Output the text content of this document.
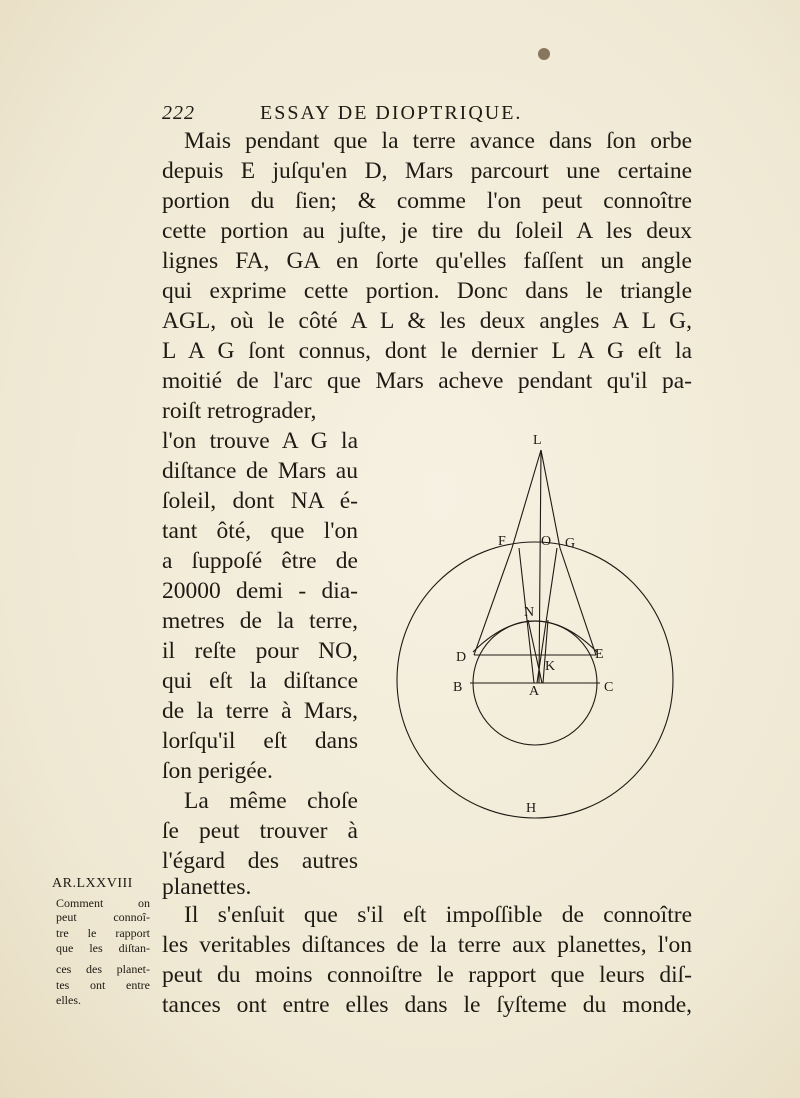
222	ESSAY DE DIOPTRIQUE.
Mais pendant que la terre avance dans ſon orbe
depuis E juſqu'en D, Mars parcourt une certaine
portion du ſien; & comme l'on peut connoître
cette portion au juſte, je tire du ſoleil A les deux
lignes FA, GA en ſorte qu'elles faſſent un angle
qui exprime cette portion. Donc dans le triangle
AGL, où le côté A L & les deux angles A L G,
L A G ſont connus, dont le dernier L A G eſt la
moitié de l'arc que Mars acheve pendant qu'il pa-
roiſt retrograder,
l'on trouve A G la
diſtance de Mars au
ſoleil, dont NA é-
tant ôté, que l'on
a ſuppoſé être de
20000 demi - dia-
metres de la terre,
il reſte pour NO,
qui eſt la diſtance
de la terre à Mars,
lorſqu'il eſt dans
ſon perigée.
La même choſe
ſe peut trouver à
l'égard des autres
planettes.
Il s'enſuit que s'il eſt impoſſible de connoître
les veritables diſtances de la terre aux planettes, l'on
peut du moins connoiſtre le rapport que leurs diſ-
tances ont entre elles dans le ſyſteme du monde,
AR.LXXVIII
Comment on
peut connoî-
tre le rapport
que les diſtan-
ces des planet-
tes ont entre
elles.
L
F	O G
N
D	E
K
B	A	C
H
